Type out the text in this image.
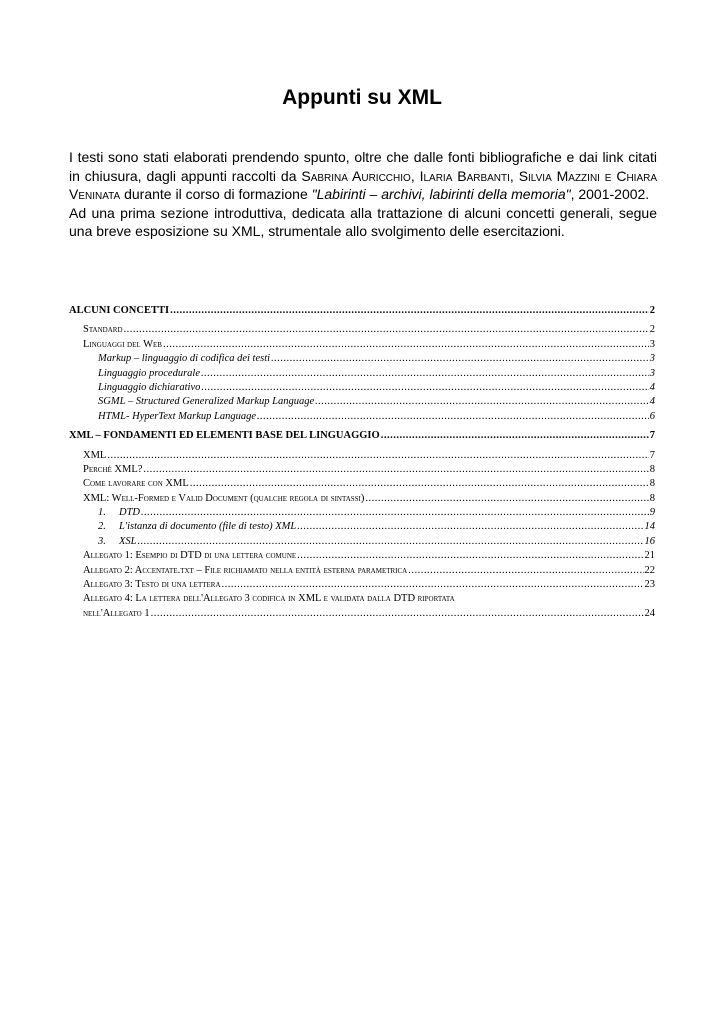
Appunti su XML

I testi sono stati elaborati prendendo spunto, oltre che dalle fonti bibliografiche e dai link citati in chiusura, dagli appunti raccolti da Sabrina Auricchio, Ilaria Barbanti, Silvia Mazzini e Chiara Veninata durante il corso di formazione "Labirinti – archivi, labirinti della memoria", 2001-2002.

Ad una prima sezione introduttiva, dedicata alla trattazione di alcuni concetti generali, segue una breve esposizione su XML, strumentale allo svolgimento delle esercitazioni.

ALCUNI CONCETTI .....	2
Standard .....	2
Linguaggi del Web .....	3
Markup – linguaggio di codifica dei testi .....	3
Linguaggio procedurale .....	3
Linguaggio dichiarativo .....	4
SGML – Structured Generalized Markup Language .....	4
HTML- HyperText Markup Language .....	6
XML – FONDAMENTI ED ELEMENTI BASE DEL LINGUAGGIO .....	7
XML .....	7
Perché XML? .....	8
Come lavorare con XML .....	8
XML: Well-Formed e Valid Document (qualche regola di sintassi) .....	8
1. DTD .....	9
2. L'istanza di documento (file di testo) XML .....	14
3. XSL .....	16
Allegato 1: Esempio di DTD di una lettera comune .....	21
Allegato 2: Accentate.txt – File richiamato nella entità esterna parametrica .....	22
Allegato 3: Testo di una lettera .....	23
Allegato 4: La lettera dell'Allegato 3 codifica in XML e validata dalla DTD riportata
nell'Allegato 1 .....	24
